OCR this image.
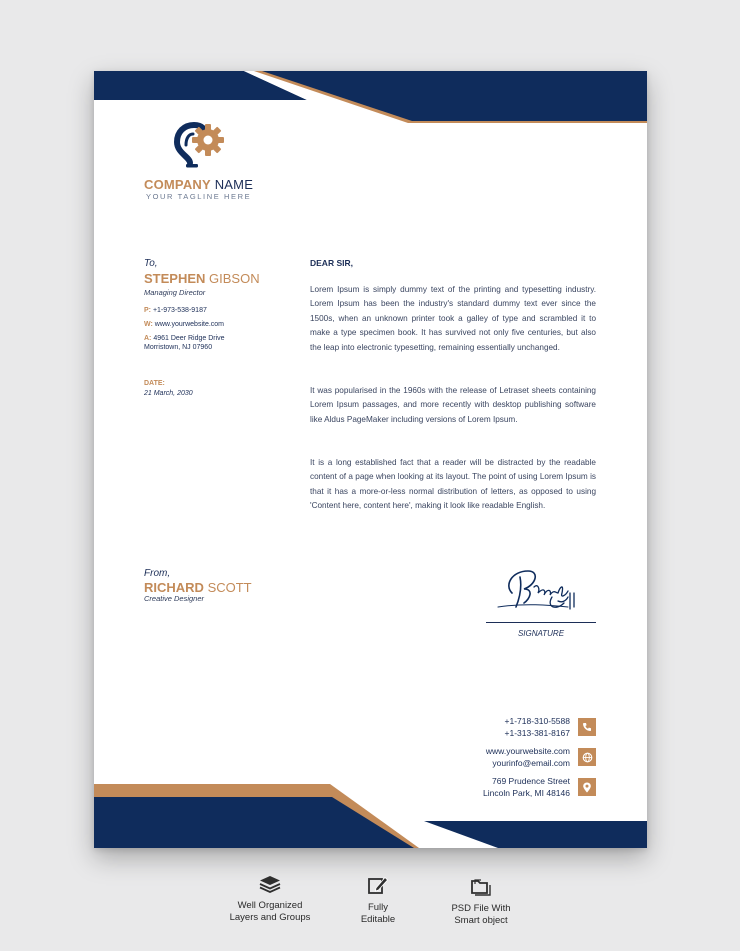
COMPANY NAME
YOUR TAGLINE HERE
To,
STEPHEN GIBSON
Managing Director
P: +1-973-538-9187
W: www.yourwebsite.com
A: 4961 Deer Ridge Drive
Morristown, NJ 07960
DATE:
21 March, 2030
DEAR SIR,

Lorem Ipsum is simply dummy text of the printing and typesetting industry. Lorem Ipsum has been the industry's standard dummy text ever since the 1500s, when an unknown printer took a galley of type and scrambled it to make a type specimen book. It has survived not only five centuries, but also the leap into electronic typesetting, remaining essentially unchanged.

It was popularised in the 1960s with the release of Letraset sheets containing Lorem Ipsum passages, and more recently with desktop publishing software like Aldus PageMaker including versions of Lorem Ipsum.

It is a long established fact that a reader will be distracted by the readable content of a page when looking at its layout. The point of using Lorem Ipsum is that it has a more-or-less normal distribution of letters, as opposed to using 'Content here, content here', making it look like readable English.

From,
RICHARD SCOTT
Creative Designer
SIGNATURE
+1-718-310-5588
+1-313-381-8167
www.yourwebsite.com
yourinfo@email.com
769 Prudence Street
Lincoln Park, MI 48146
Well Organized
Layers and Groups
Fully
Editable
PSD File With
Smart object
